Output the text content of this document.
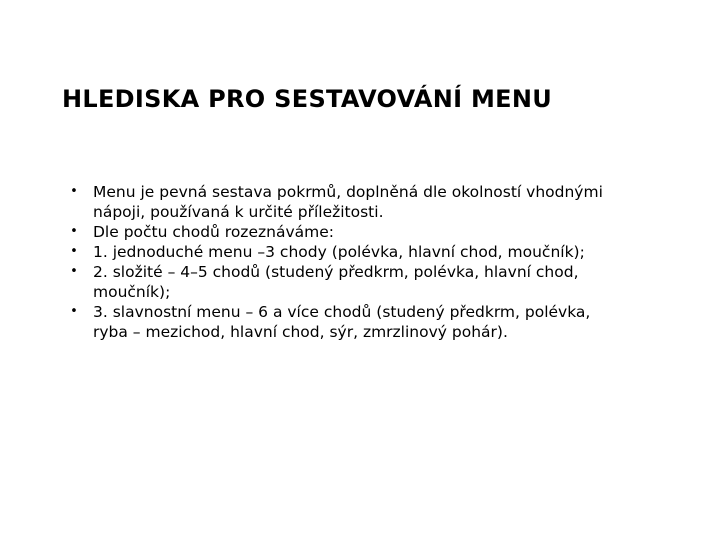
HLEDISKA PRO SESTAVOVÁNÍ MENU
• Menu je pevná sestava pokrmů, doplněná dle okolností vhodnými nápoji, používaná k určité příležitosti.
• Dle počtu chodů rozeznáváme:
• 1. jednoduché menu –3 chody (polévka, hlavní chod, moučník);
• 2. složité – 4–5 chodů (studený předkrm, polévka, hlavní chod, moučník);
• 3. slavnostní menu – 6 a více chodů (studený předkrm, polévka, ryba – mezichod, hlavní chod, sýr, zmrzlinový pohár).
